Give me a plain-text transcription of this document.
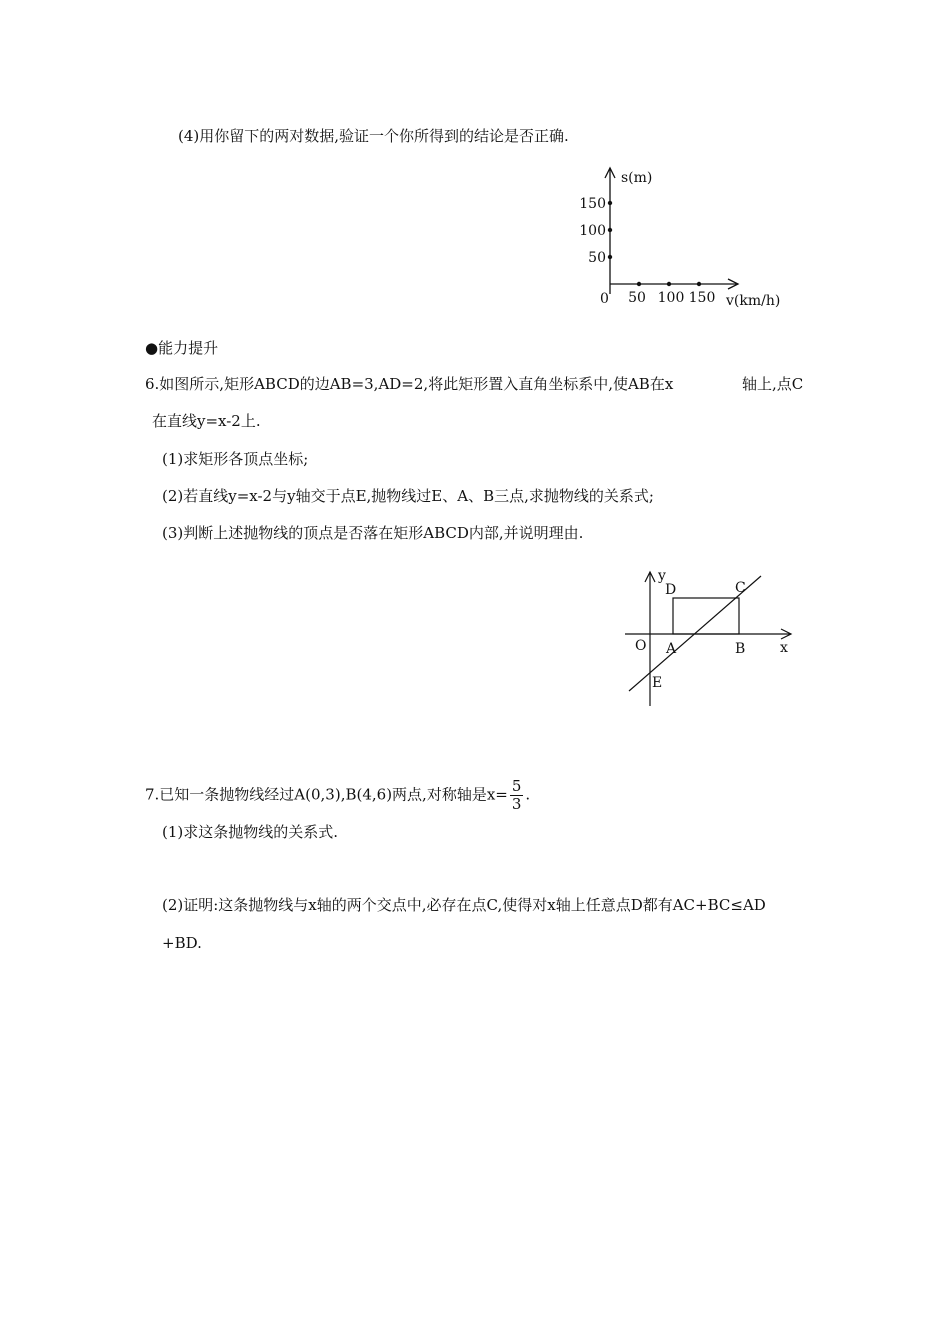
(4)用你留下的两对数据,验证一个你所得到的结论是否正确.
s(m)
v(km/h)
0
150
100
50
50 100 150
●能力提升
6.如图所示,矩形ABCD的边AB=3,AD=2,将此矩形置入直角坐标系中,使AB在x	轴上,点C
在直线y=x-2上.
(1)求矩形各顶点坐标;
(2)若直线y=x-2与y轴交于点E,抛物线过E、A、B三点,求抛物线的关系式;
(3)判断上述抛物线的顶点是否落在矩形ABCD内部,并说明理由.
y
x
O A	B
C
D
E
7.已知一条抛物线经过A(0,3),B(4,6)两点,对称轴是$x= \frac{5}{3}$ .
(1)求这条抛物线的关系式.
(2)证明:这条抛物线与x轴的两个交点中,必存在点C,使得对x轴上任意点D都有AC+BC≤AD
+BD.
